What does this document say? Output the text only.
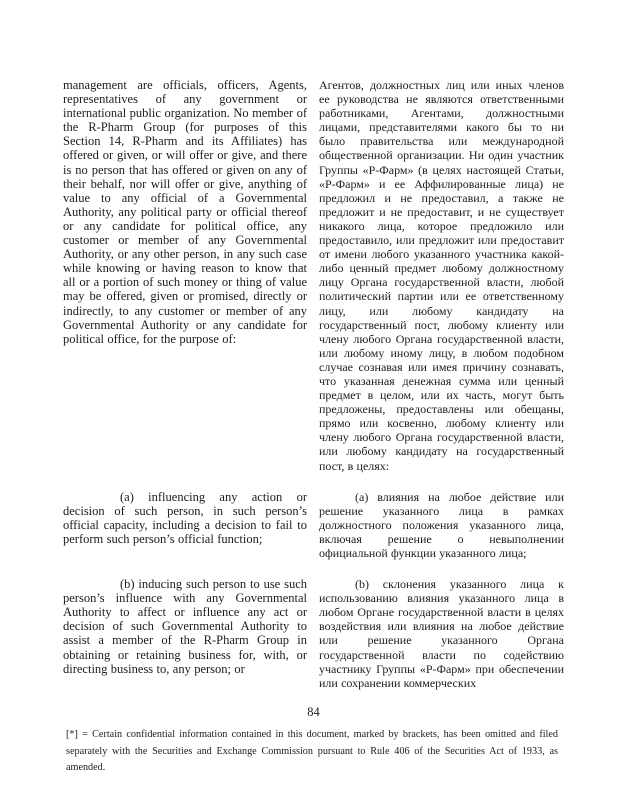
management are officials, officers, Agents, representatives of any government or international public organization. No member of the R-Pharm Group (for purposes of this Section 14, R-Pharm and its Affiliates) has offered or given, or will offer or give, and there is no person that has offered or given on any of their behalf, nor will offer or give, anything of value to any official of a Governmental Authority, any political party or official thereof or any candidate for political office, any customer or member of any Governmental Authority, or any other person, in any such case while knowing or having reason to know that all or a portion of such money or thing of value may be offered, given or promised, directly or indirectly, to any customer or member of any Governmental Authority or any candidate for political office, for the purpose of:

Агентов, должностных лиц или иных членов ее руководства не являются ответственными работниками, Агентами, должностными лицами, представителями какого бы то ни было правительства или международной общественной организации. Ни один участник Группы «Р-Фарм» (в целях настоящей Статьи, «Р-Фарм» и ее Аффилированные лица) не предложил и не предоставил, а также не предложит и не предоставит, и не существует никакого лица, которое предложило или предоставило, или предложит или предоставит от имени любого указанного участника какой-либо ценный предмет любому должностному лицу Органа государственной власти, любой политический партии или ее ответственному лицу, или любому кандидату на государственный пост, любому клиенту или члену любого Органа государственной власти, или любому иному лицу, в любом подобном случае сознавая или имея причину сознавать, что указанная денежная сумма или ценный предмет в целом, или их часть, могут быть предложены, предоставлены или обещаны, прямо или косвенно, любому клиенту или члену любого Органа государственной власти, или любому кандидату на государственный пост, в целях:

(a) influencing any action or decision of such person, in such person’s official capacity, including a decision to fail to perform such person’s official function;

(a) влияния на любое действие или решение указанного лица в рамках должностного положения указанного лица, включая решение о невыполнении официальной функции указанного лица;

(b) inducing such person to use such person’s influence with any Governmental Authority to affect or influence any act or decision of such Governmental Authority to assist a member of the R-Pharm Group in obtaining or retaining business for, with, or directing business to, any person; or

(b) склонения указанного лица к использованию влияния указанного лица в любом Органе государственной власти в целях воздействия или влияния на любое действие или решение указанного Органа государственной власти по содействию участнику Группы «Р-Фарм» при обеспечении или сохранении коммерческих

84
[*] = Certain confidential information contained in this document, marked by brackets, has been omitted and filed separately with the Securities and Exchange Commission pursuant to Rule 406 of the Securities Act of 1933, as amended.
